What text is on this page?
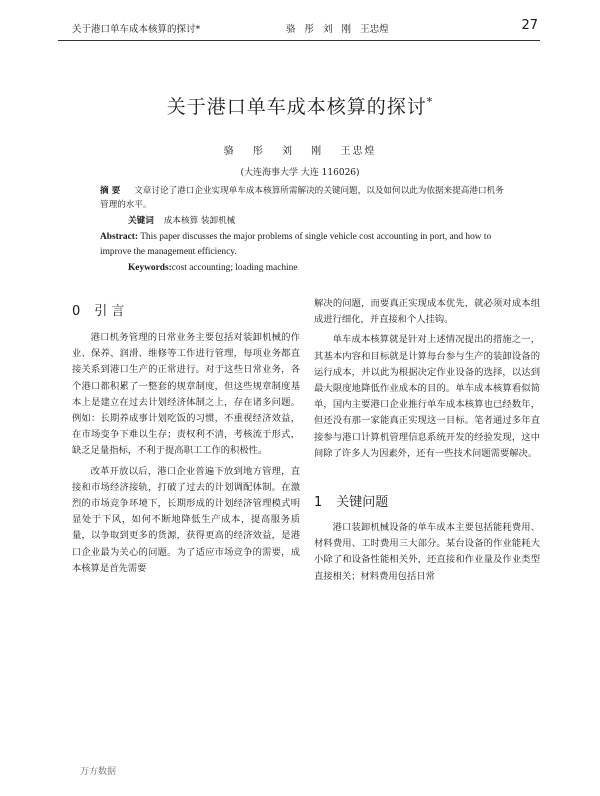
关于港口单车成本核算的探讨*	骆 彤 刘 刚 王忠煌	27
关于港口单车成本核算的探讨*
骆 彤 刘 刚 王忠煌
(大连海事大学 大连 116026)
摘 要 文章讨论了港口企业实现单车成本核算所需解决的关键问题，以及如何以此为依据来提高港口机务管理的水平。
关键词 成本核算 装卸机械
Abstract: This paper discusses the major problems of single vehicle cost accounting in port, and how to improve the management efficiency.
Keywords:cost accounting; loading machine
0 引 言

港口机务管理的日常业务主要包括对装卸机械的作业、保养、润滑、维修等工作进行管理，每项业务都直接关系到港口生产的正常进行。对于这些日常业务，各个港口都积累了一整套的规章制度，但这些规章制度基本上是建立在过去计划经济体制之上，存在诸多问题。例如：长期养成事计划吃饭的习惯，不重视经济效益，在市场变争下难以生存；责权利不清，考核流于形式，缺乏足量指标，不利于提高职工工作的积极性。

改革开放以后，港口企业普遍下放到地方管理，直接和市场经济接轨，打破了过去的计划调配体制。在激烈的市场竞争环境下，长期形成的计划经济管理模式明显处于下风，如何不断地降低生产成本，提高服务质量，以争取到更多的货源，获得更高的经济效益，是港口企业最为关心的问题。为了适应市场竞争的需要，成本核算是首先需要

解决的问题，而要真正实现成本优先，就必须对成本组成进行细化，并直接和个人挂钩。

单车成本核算就是针对上述情况提出的措施之一，其基本内容和目标就是计算每台参与生产的装卸设备的运行成本，并以此为根据决定作业设备的选择，以达到最大限度地降低作业成本的目的。单车成本核算看似简单，国内主要港口企业推行单车成本核算也已经数年，但还没有那一家能真正实现这一目标。笔者通过多年直接参与港口计算机管理信息系统开发的经验发现，这中间除了许多人为因素外，还有一些技术问题需要解决。

1 关键问题

港口装卸机械设备的单车成本主要包括能耗费用、材料费用、工时费用三大部分。某台设备的作业能耗大小除了和设备性能相关外，还直接和作业量及作业类型直接相关；材料费用包括日常

万方数据
